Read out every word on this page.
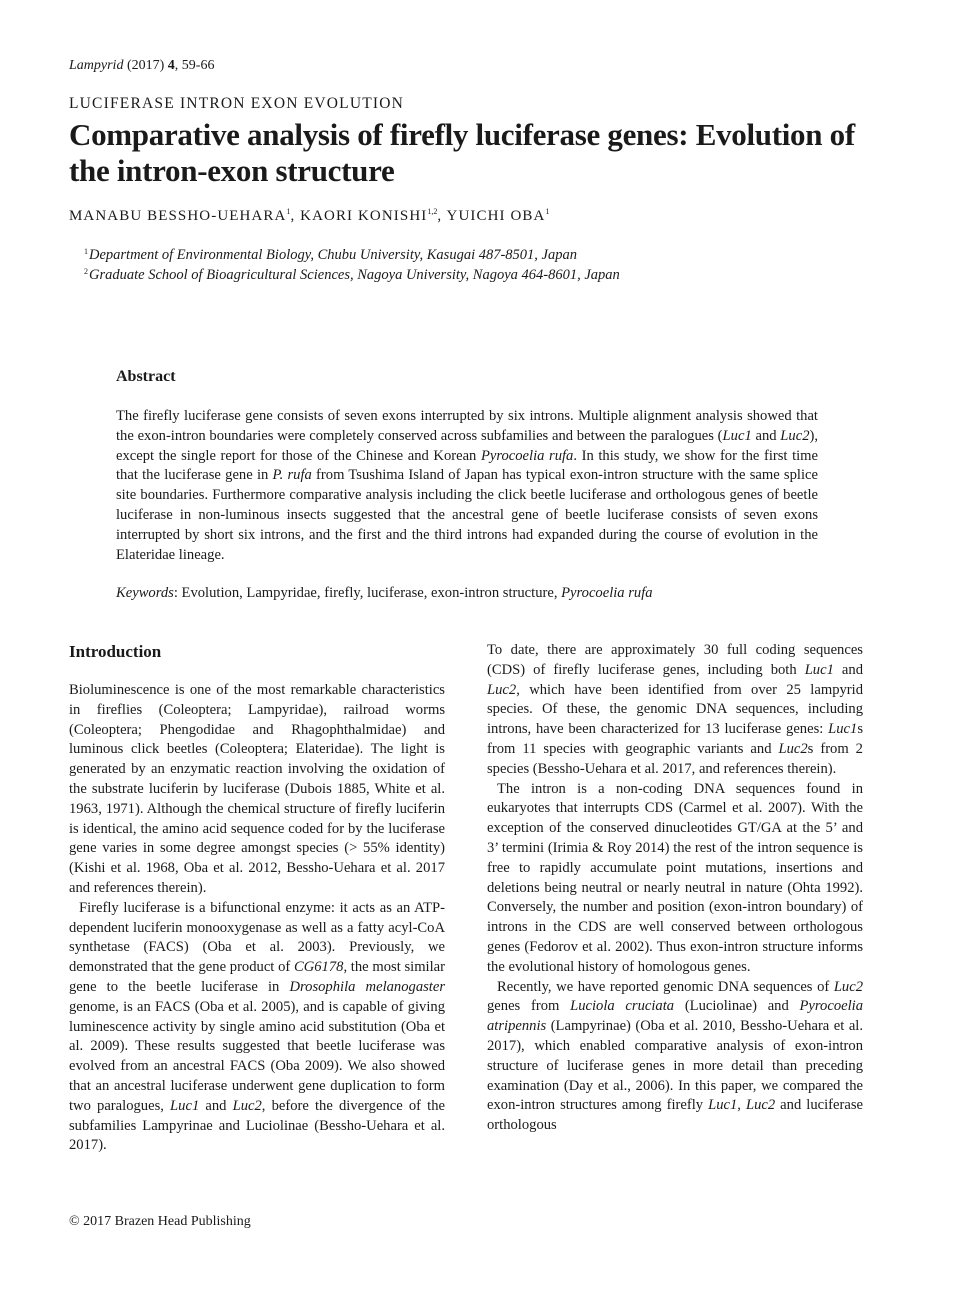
Lampyrid (2017) 4, 59-66
LUCIFERASE INTRON EXON EVOLUTION
Comparative analysis of firefly luciferase genes: Evolution of the intron-exon structure
MANABU BESSHO-UEHARA$^1$, KAORI KONISHI$^{1,2}$, YUICHI OBA$^1$
$^1$Department of Environmental Biology, Chubu University, Kasugai 487-8501, Japan
$^2$Graduate School of Bioagricultural Sciences, Nagoya University, Nagoya 464-8601, Japan
Abstract
The firefly luciferase gene consists of seven exons interrupted by six introns. Multiple alignment analysis showed that the exon-intron boundaries were completely conserved across subfamilies and between the paralogues (Luc1 and Luc2), except the single report for those of the Chinese and Korean Pyrocoelia rufa. In this study, we show for the first time that the luciferase gene in P. rufa from Tsushima Island of Japan has typical exon-intron structure with the same splice site boundaries. Furthermore comparative analysis including the click beetle luciferase and orthologous genes of beetle luciferase in non-luminous insects suggested that the ancestral gene of beetle luciferase consists of seven exons interrupted by short six introns, and the first and the third introns had expanded during the course of evolution in the Elateridae lineage.
Keywords: Evolution, Lampyridae, firefly, luciferase, exon-intron structure, Pyrocoelia rufa
Introduction

Bioluminescence is one of the most remarkable characteristics in fireflies (Coleoptera; Lampyridae), railroad worms (Coleoptera; Phengodidae and Rhagophthalmidae) and luminous click beetles (Coleoptera; Elateridae). The light is generated by an enzymatic reaction involving the oxidation of the substrate luciferin by luciferase (Dubois 1885, White et al. 1963, 1971). Although the chemical structure of firefly luciferin is identical, the amino acid sequence coded for by the luciferase gene varies in some degree amongst species (> 55% identity) (Kishi et al. 1968, Oba et al. 2012, Bessho-Uehara et al. 2017 and references therein).

Firefly luciferase is a bifunctional enzyme: it acts as an ATP-dependent luciferin monooxygenase as well as a fatty acyl-CoA synthetase (FACS) (Oba et al. 2003). Previously, we demonstrated that the gene product of CG6178, the most similar gene to the beetle luciferase in Drosophila melanogaster genome, is an FACS (Oba et al. 2005), and is capable of giving luminescence activity by single amino acid substitution (Oba et al. 2009). These results suggested that beetle luciferase was evolved from an ancestral FACS (Oba 2009). We also showed that an ancestral luciferase underwent gene duplication to form two paralogues, Luc1 and Luc2, before the divergence of the subfamilies Lampyrinae and Luciolinae (Bessho-Uehara et al. 2017).

To date, there are approximately 30 full coding sequences (CDS) of firefly luciferase genes, including both Luc1 and Luc2, which have been identified from over 25 lampyrid species. Of these, the genomic DNA sequences, including introns, have been characterized for 13 luciferase genes: Luc1s from 11 species with geographic variants and Luc2s from 2 species (Bessho-Uehara et al. 2017, and references therein).

The intron is a non-coding DNA sequences found in eukaryotes that interrupts CDS (Carmel et al. 2007). With the exception of the conserved dinucleotides GT/​GA at the 5’ and 3’ termini (Irimia & Roy 2014) the rest of the intron sequence is free to rapidly accumulate point mutations, insertions and deletions being neutral or nearly neutral in nature (Ohta 1992). Conversely, the number and position (exon-intron boundary) of introns in the CDS are well conserved between orthologous genes (Fedorov et al. 2002). Thus exon-intron structure informs the evolutional history of homologous genes.

Recently, we have reported genomic DNA sequences of Luc2 genes from Luciola cruciata (Luciolinae) and Pyrocoelia atripennis (Lampyrinae) (Oba et al. 2010, Bessho-Uehara et al. 2017), which enabled comparative analysis of exon-intron structure of luciferase genes in more detail than preceding examination (Day et al., 2006). In this paper, we compared the exon-intron structures among firefly Luc1, Luc2 and luciferase orthologous

© 2017 Brazen Head Publishing
